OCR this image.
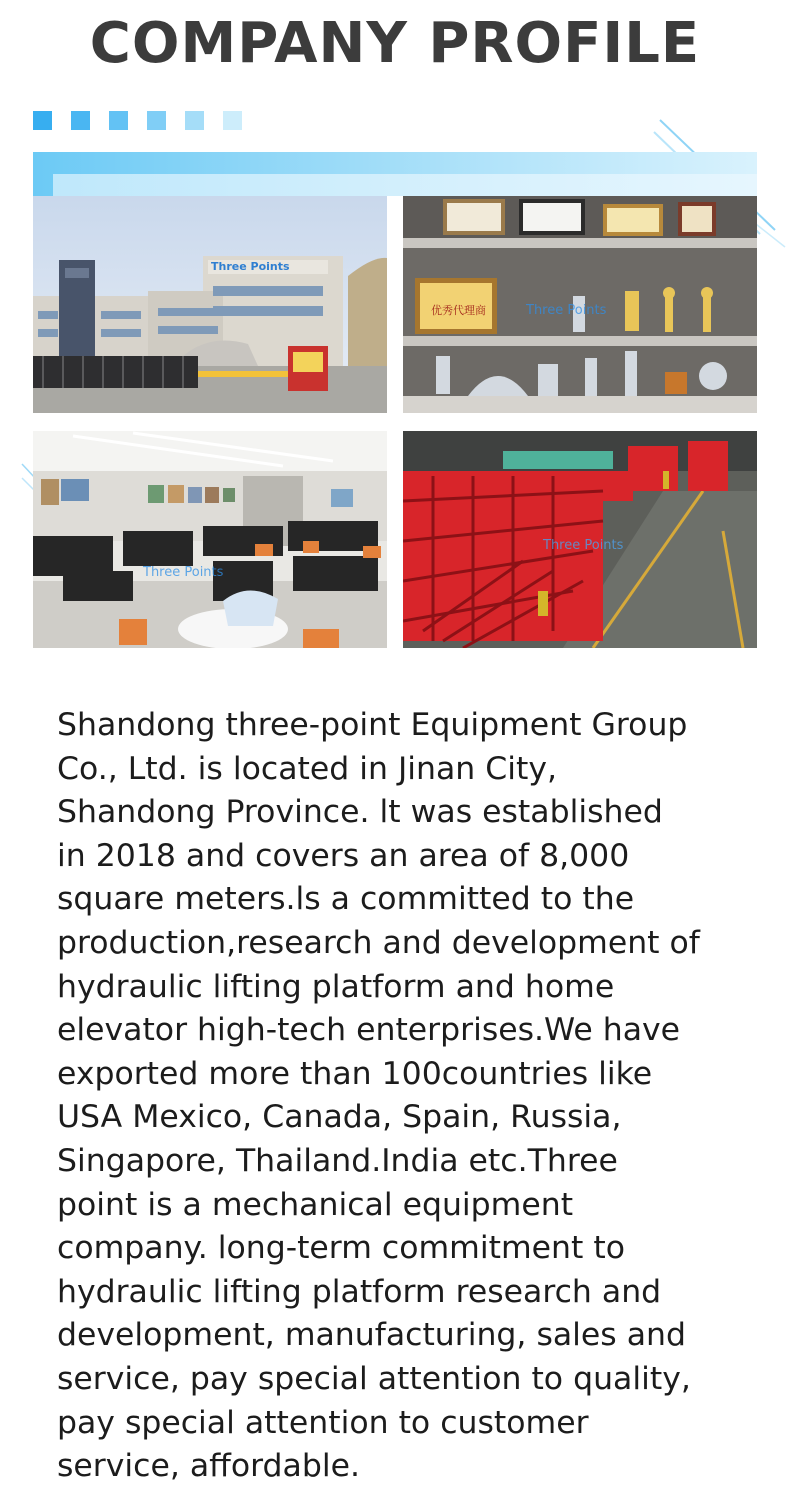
COMPANY PROFILE
Three Points
优秀代理商	Three Points
Three Points
Three Points

Shandong three-point Equipment Group
Co., Ltd. is located in Jinan City,
Shandong Province. lt was established
in 2018 and covers an area of 8,000
square meters.ls a committed to the
production,research and development of
hydraulic lifting platform and home
elevator high-tech enterprises.We have
exported more than 100countries like
USA Mexico, Canada, Spain, Russia,
Singapore, Thailand.India etc.Three
point is a mechanical equipment
company. long-term commitment to
hydraulic lifting platform research and
development, manufacturing, sales and
service, pay special attention to quality,
pay special attention to customer
service, affordable.
